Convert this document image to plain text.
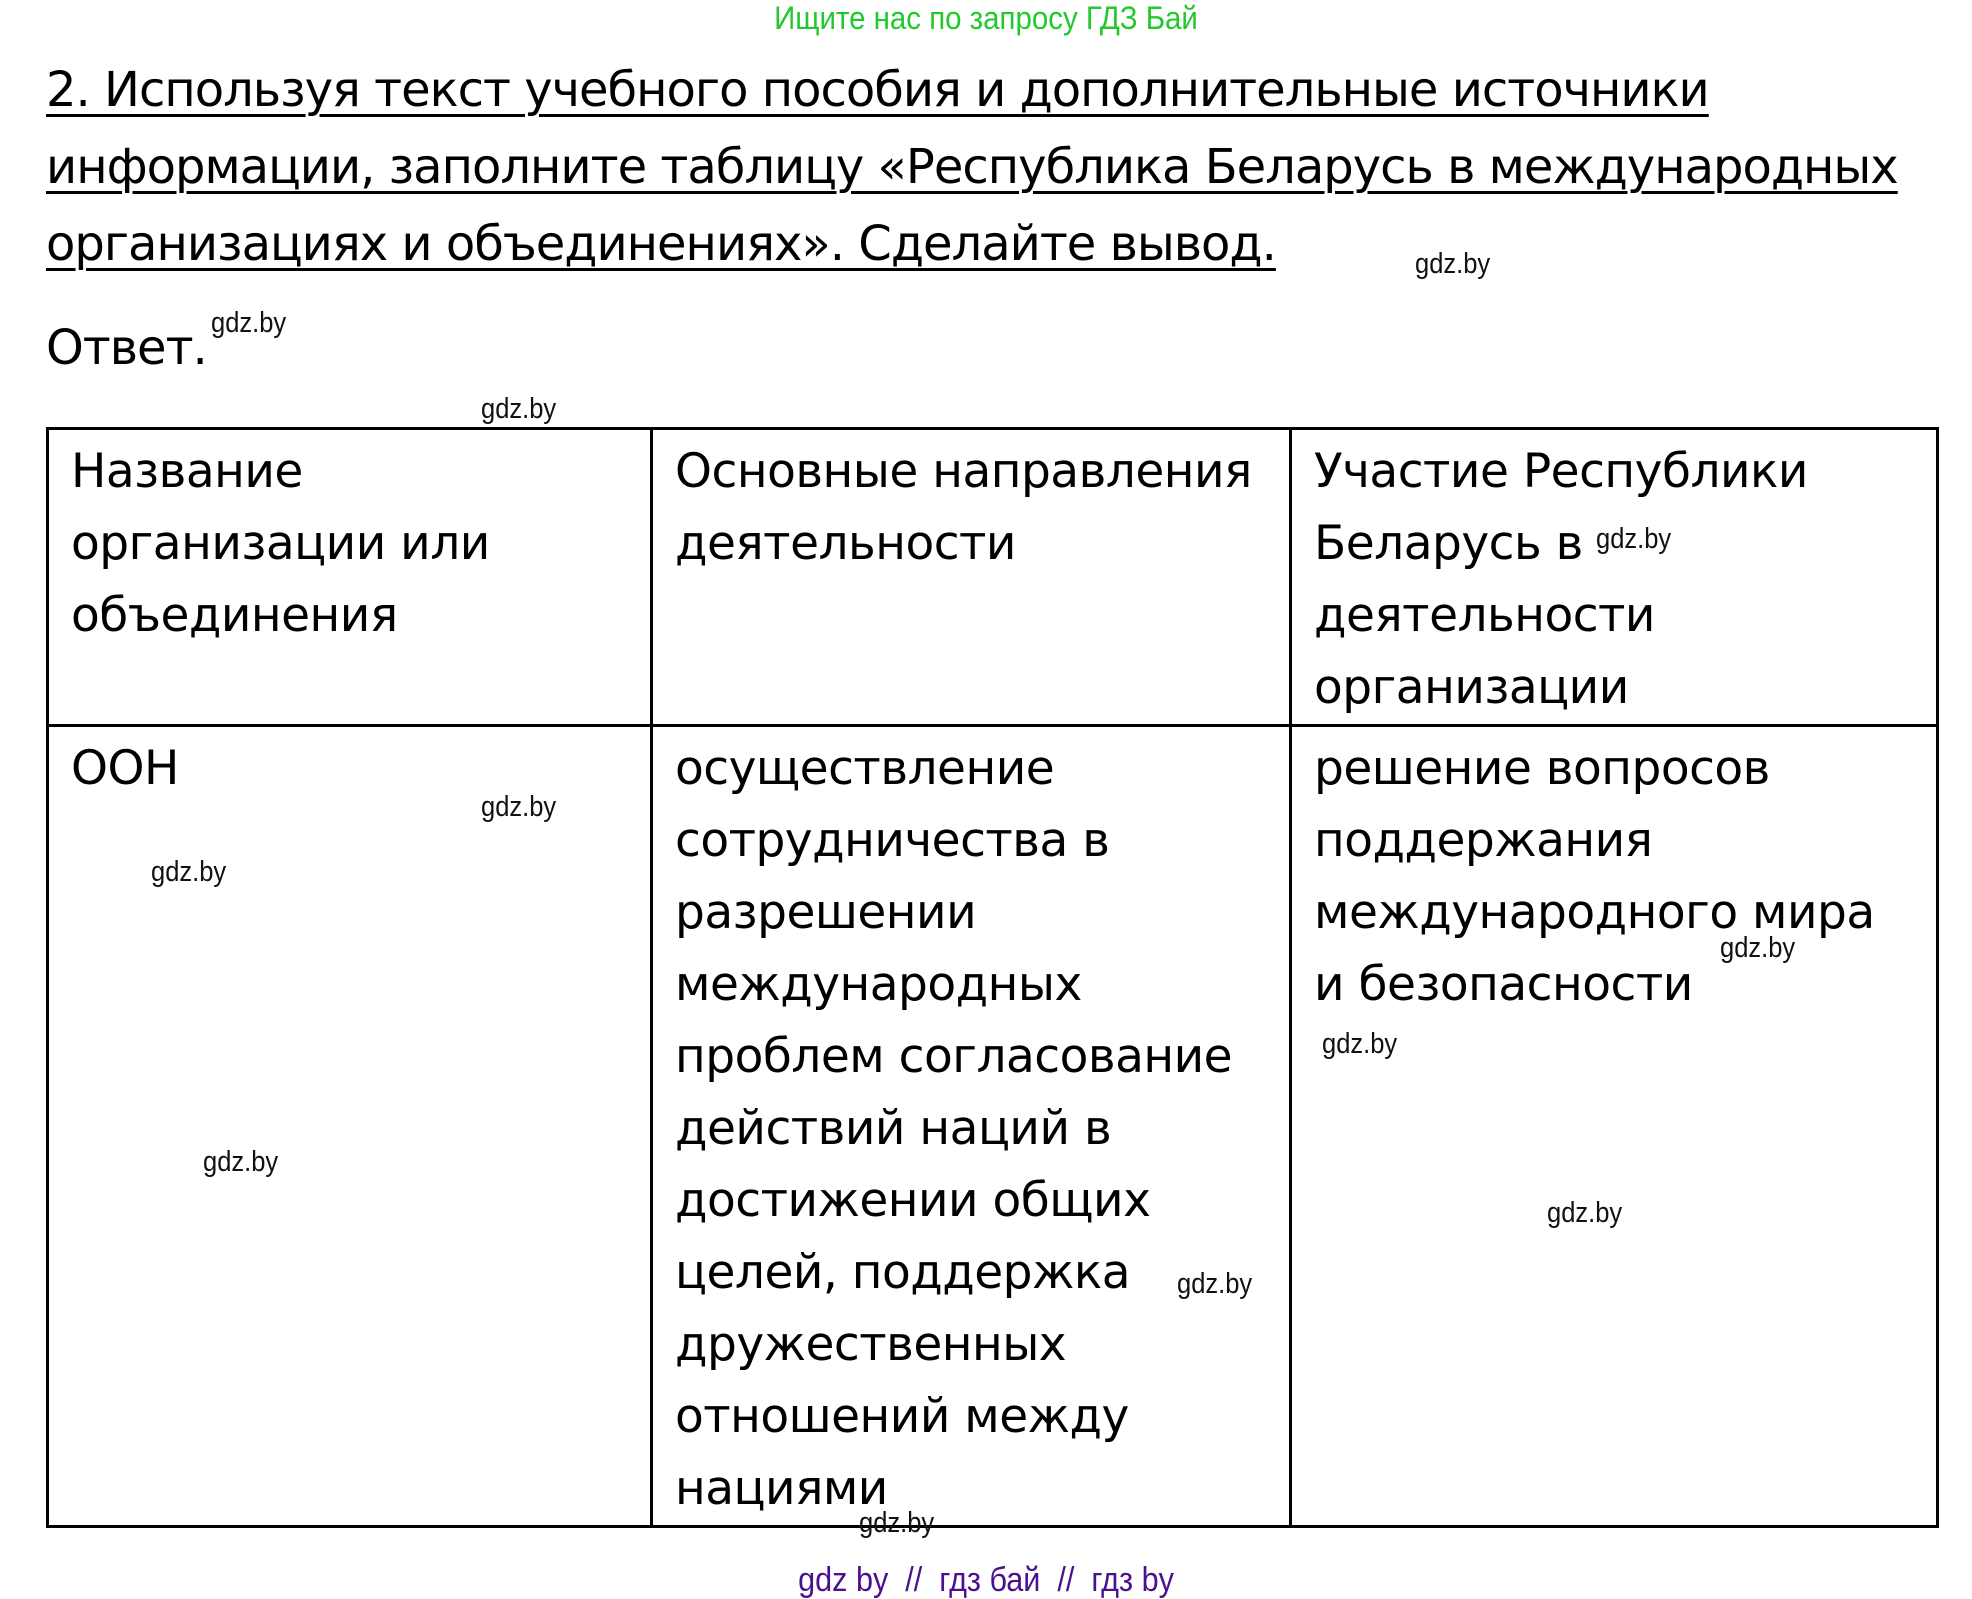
Ищите нас по запросу ГДЗ Бай
2. Используя текст учебного пособия и дополнительные источники
информации, заполните таблицу «Республика Беларусь в международных
организациях и объединениях». Сделайте вывод.
Ответ.
Название организации или объединения	Основные направления деятельности	Участие Республики Беларусь в деятельности организации
ООН	осуществление сотрудничества в разрешении международных проблем согласование действий наций в достижении общих целей, поддержка дружественных отношений между нациями	решение вопросов поддержания международного мира и безопасности
gdz.by
gdz.by
gdz.by
gdz.by
gdz.by
gdz.by
gdz.by
gdz.by
gdz.by
gdz.by
gdz.by
gdz.by
gdz by  //  гдз бай  //  гдз by
